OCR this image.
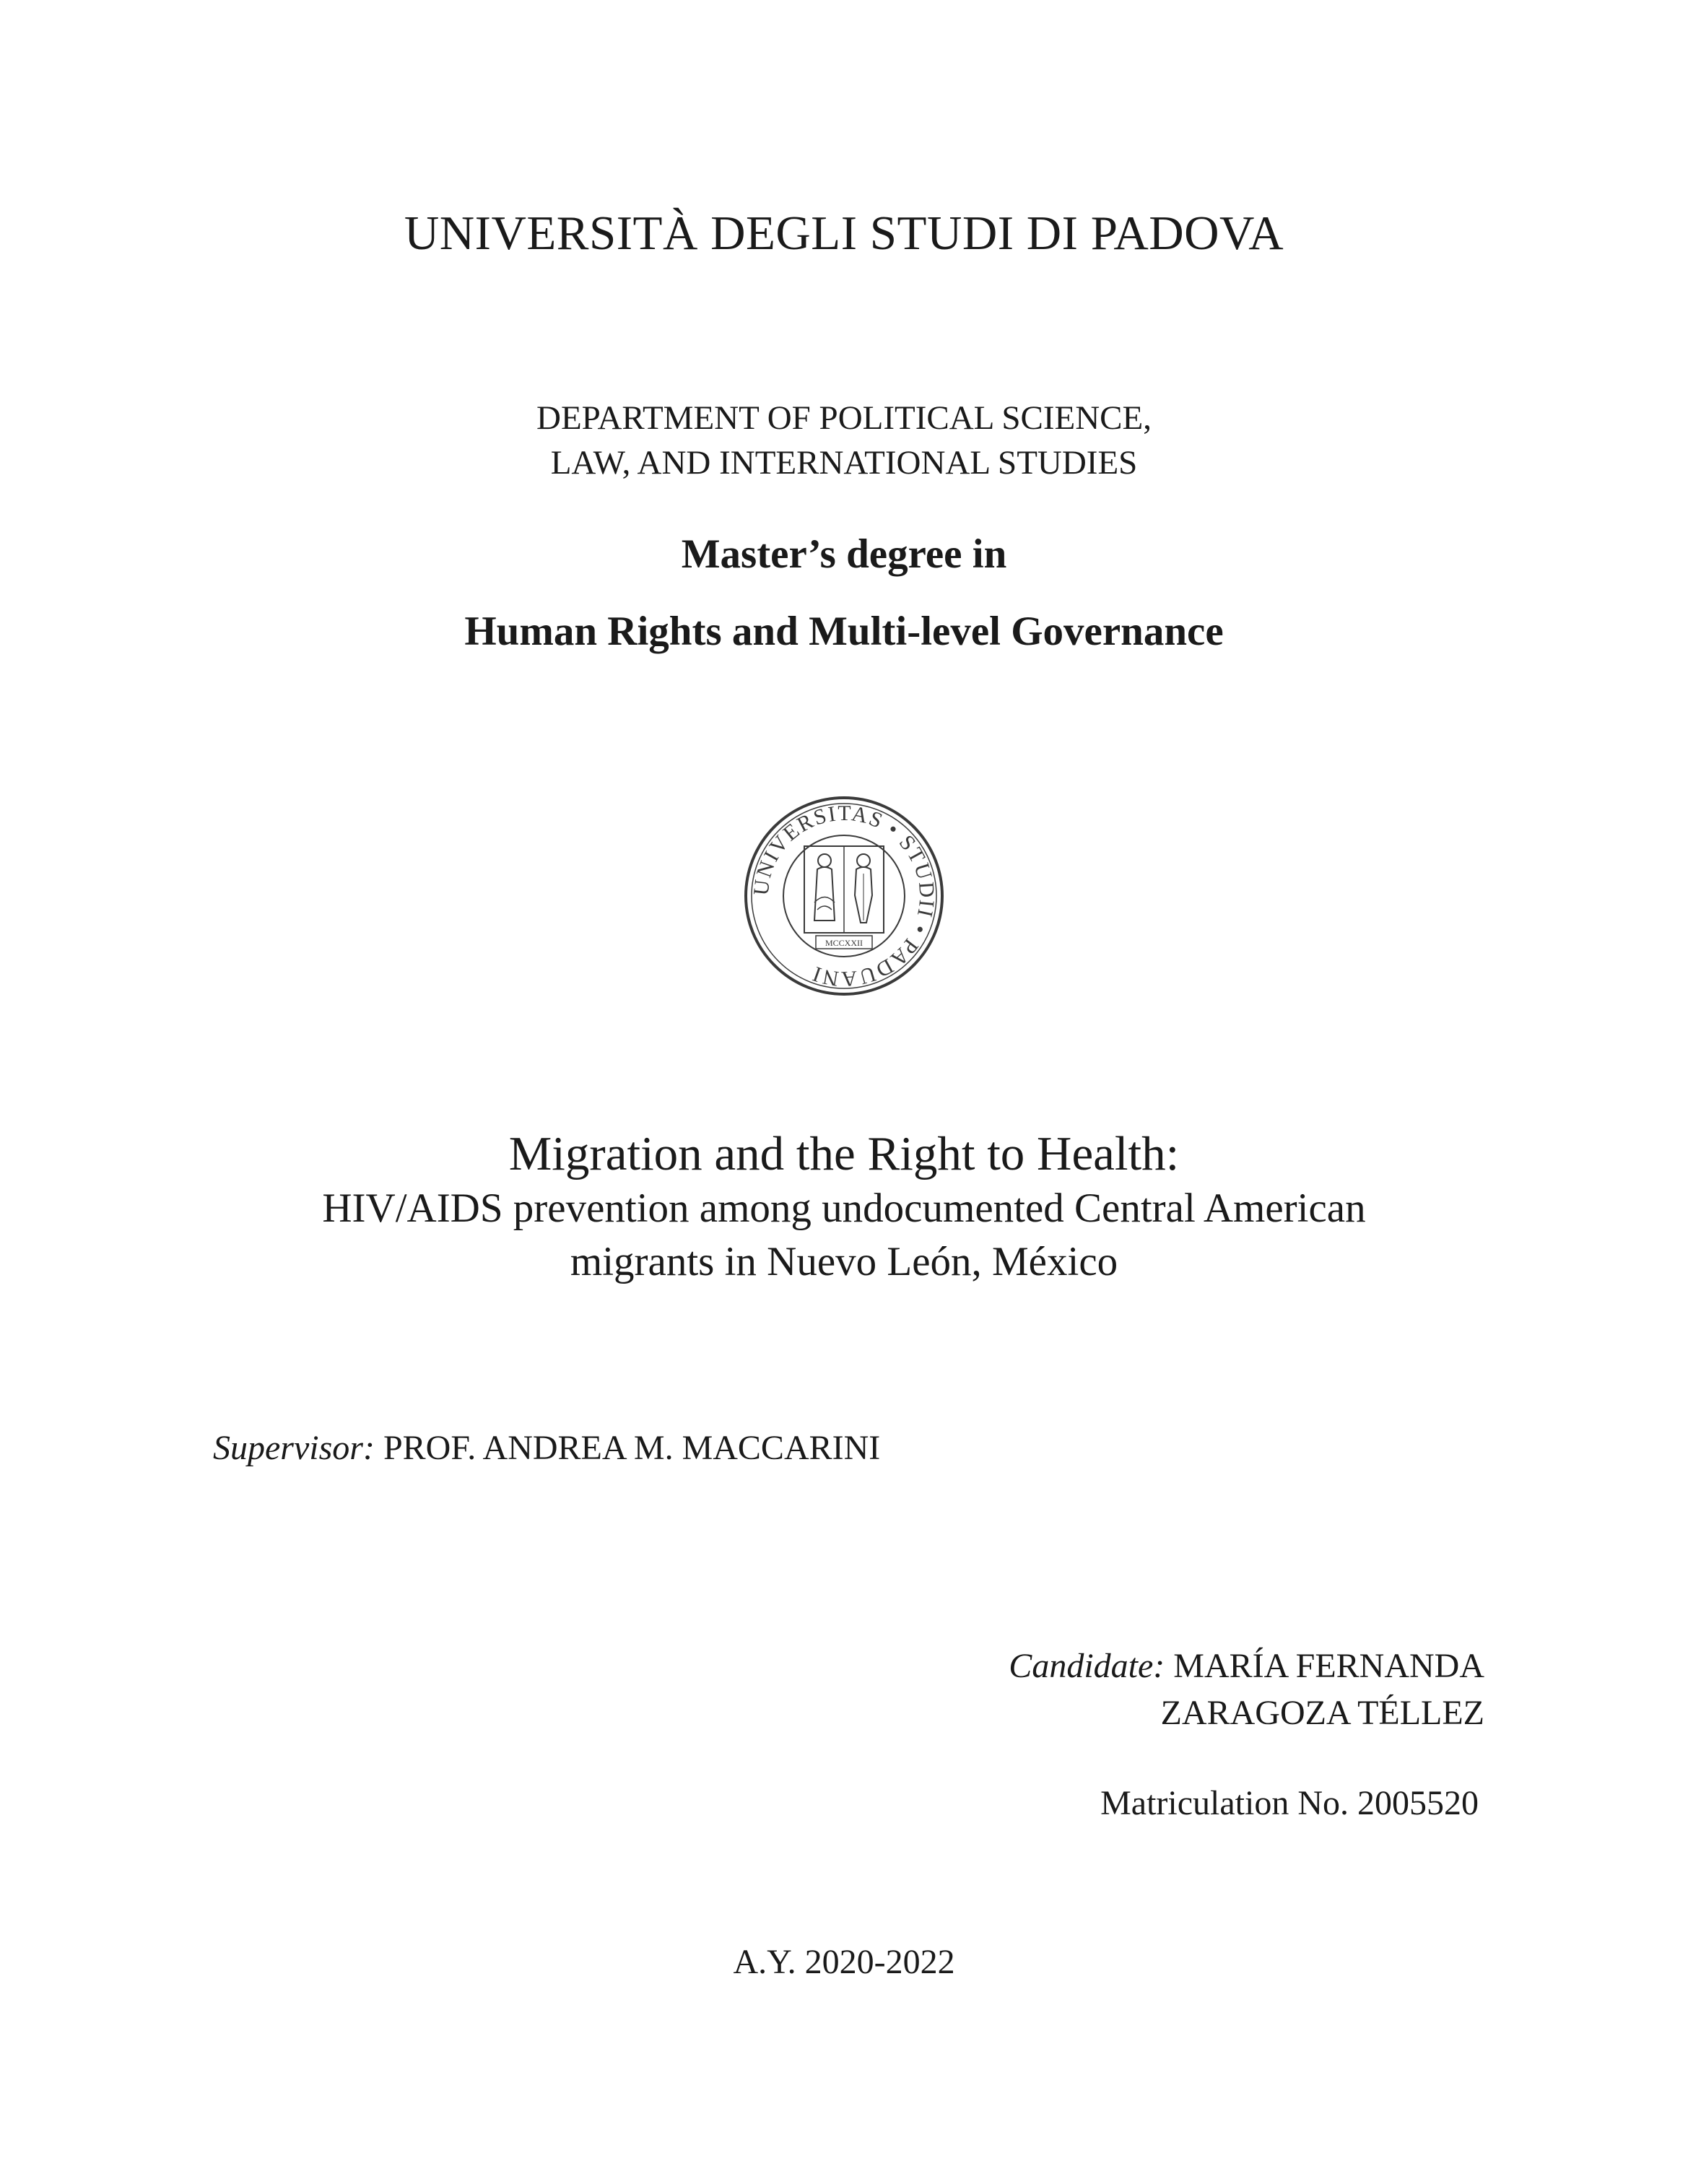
UNIVERSITÀ DEGLI STUDI DI PADOVA
DEPARTMENT OF POLITICAL SCIENCE,
LAW, AND INTERNATIONAL STUDIES
Master’s degree in
Human Rights and Multi-level Governance
UNIVERSITAS • STUDII • PADUANI
MCCXXII
Migration and the Right to Health:
HIV/AIDS prevention among undocumented Central American
migrants in Nuevo León, México
Supervisor: PROF. ANDREA M. MACCARINI
Candidate: MARÍA FERNANDA
ZARAGOZA TÉLLEZ
Matriculation No. 2005520
A.Y. 2020-2022
